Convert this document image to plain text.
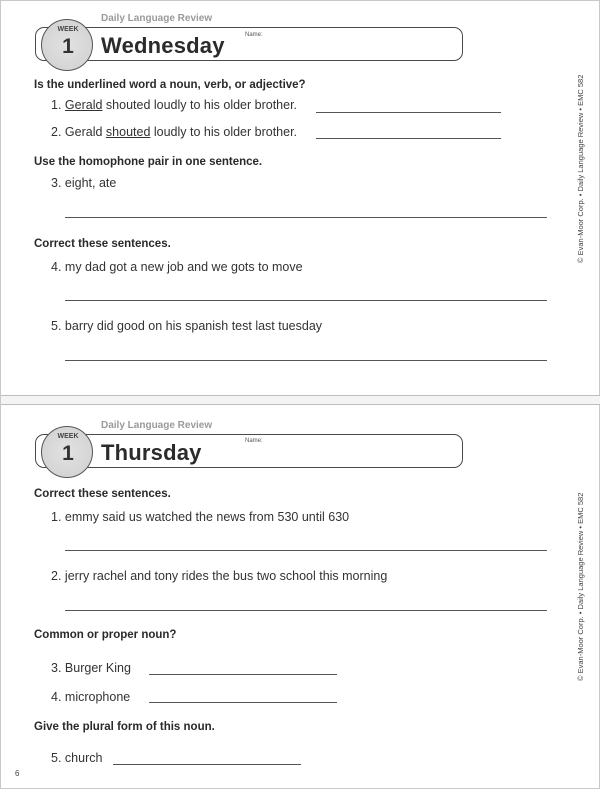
Daily Language Review
WEEK
1	Wednesday	Name:
Is the underlined word a noun, verb, or adjective?
1. Gerald shouted loudly to his older brother.
2. Gerald shouted loudly to his older brother.
Use the homophone pair in one sentence.
3. eight, ate
Correct these sentences.
4. my dad got a new job and we gots to move
5. barry did good on his spanish test last tuesday
© Evan-Moor Corp. • Daily Language Review • EMC 582
Daily Language Review
WEEK
1	Thursday	Name:
Correct these sentences.
1. emmy said us watched the news from 530 until 630
2. jerry rachel and tony rides the bus two school this morning
Common or proper noun?
3. Burger King
4. microphone
Give the plural form of this noun.
5. church
© Evan-Moor Corp. • Daily Language Review • EMC 582
6
